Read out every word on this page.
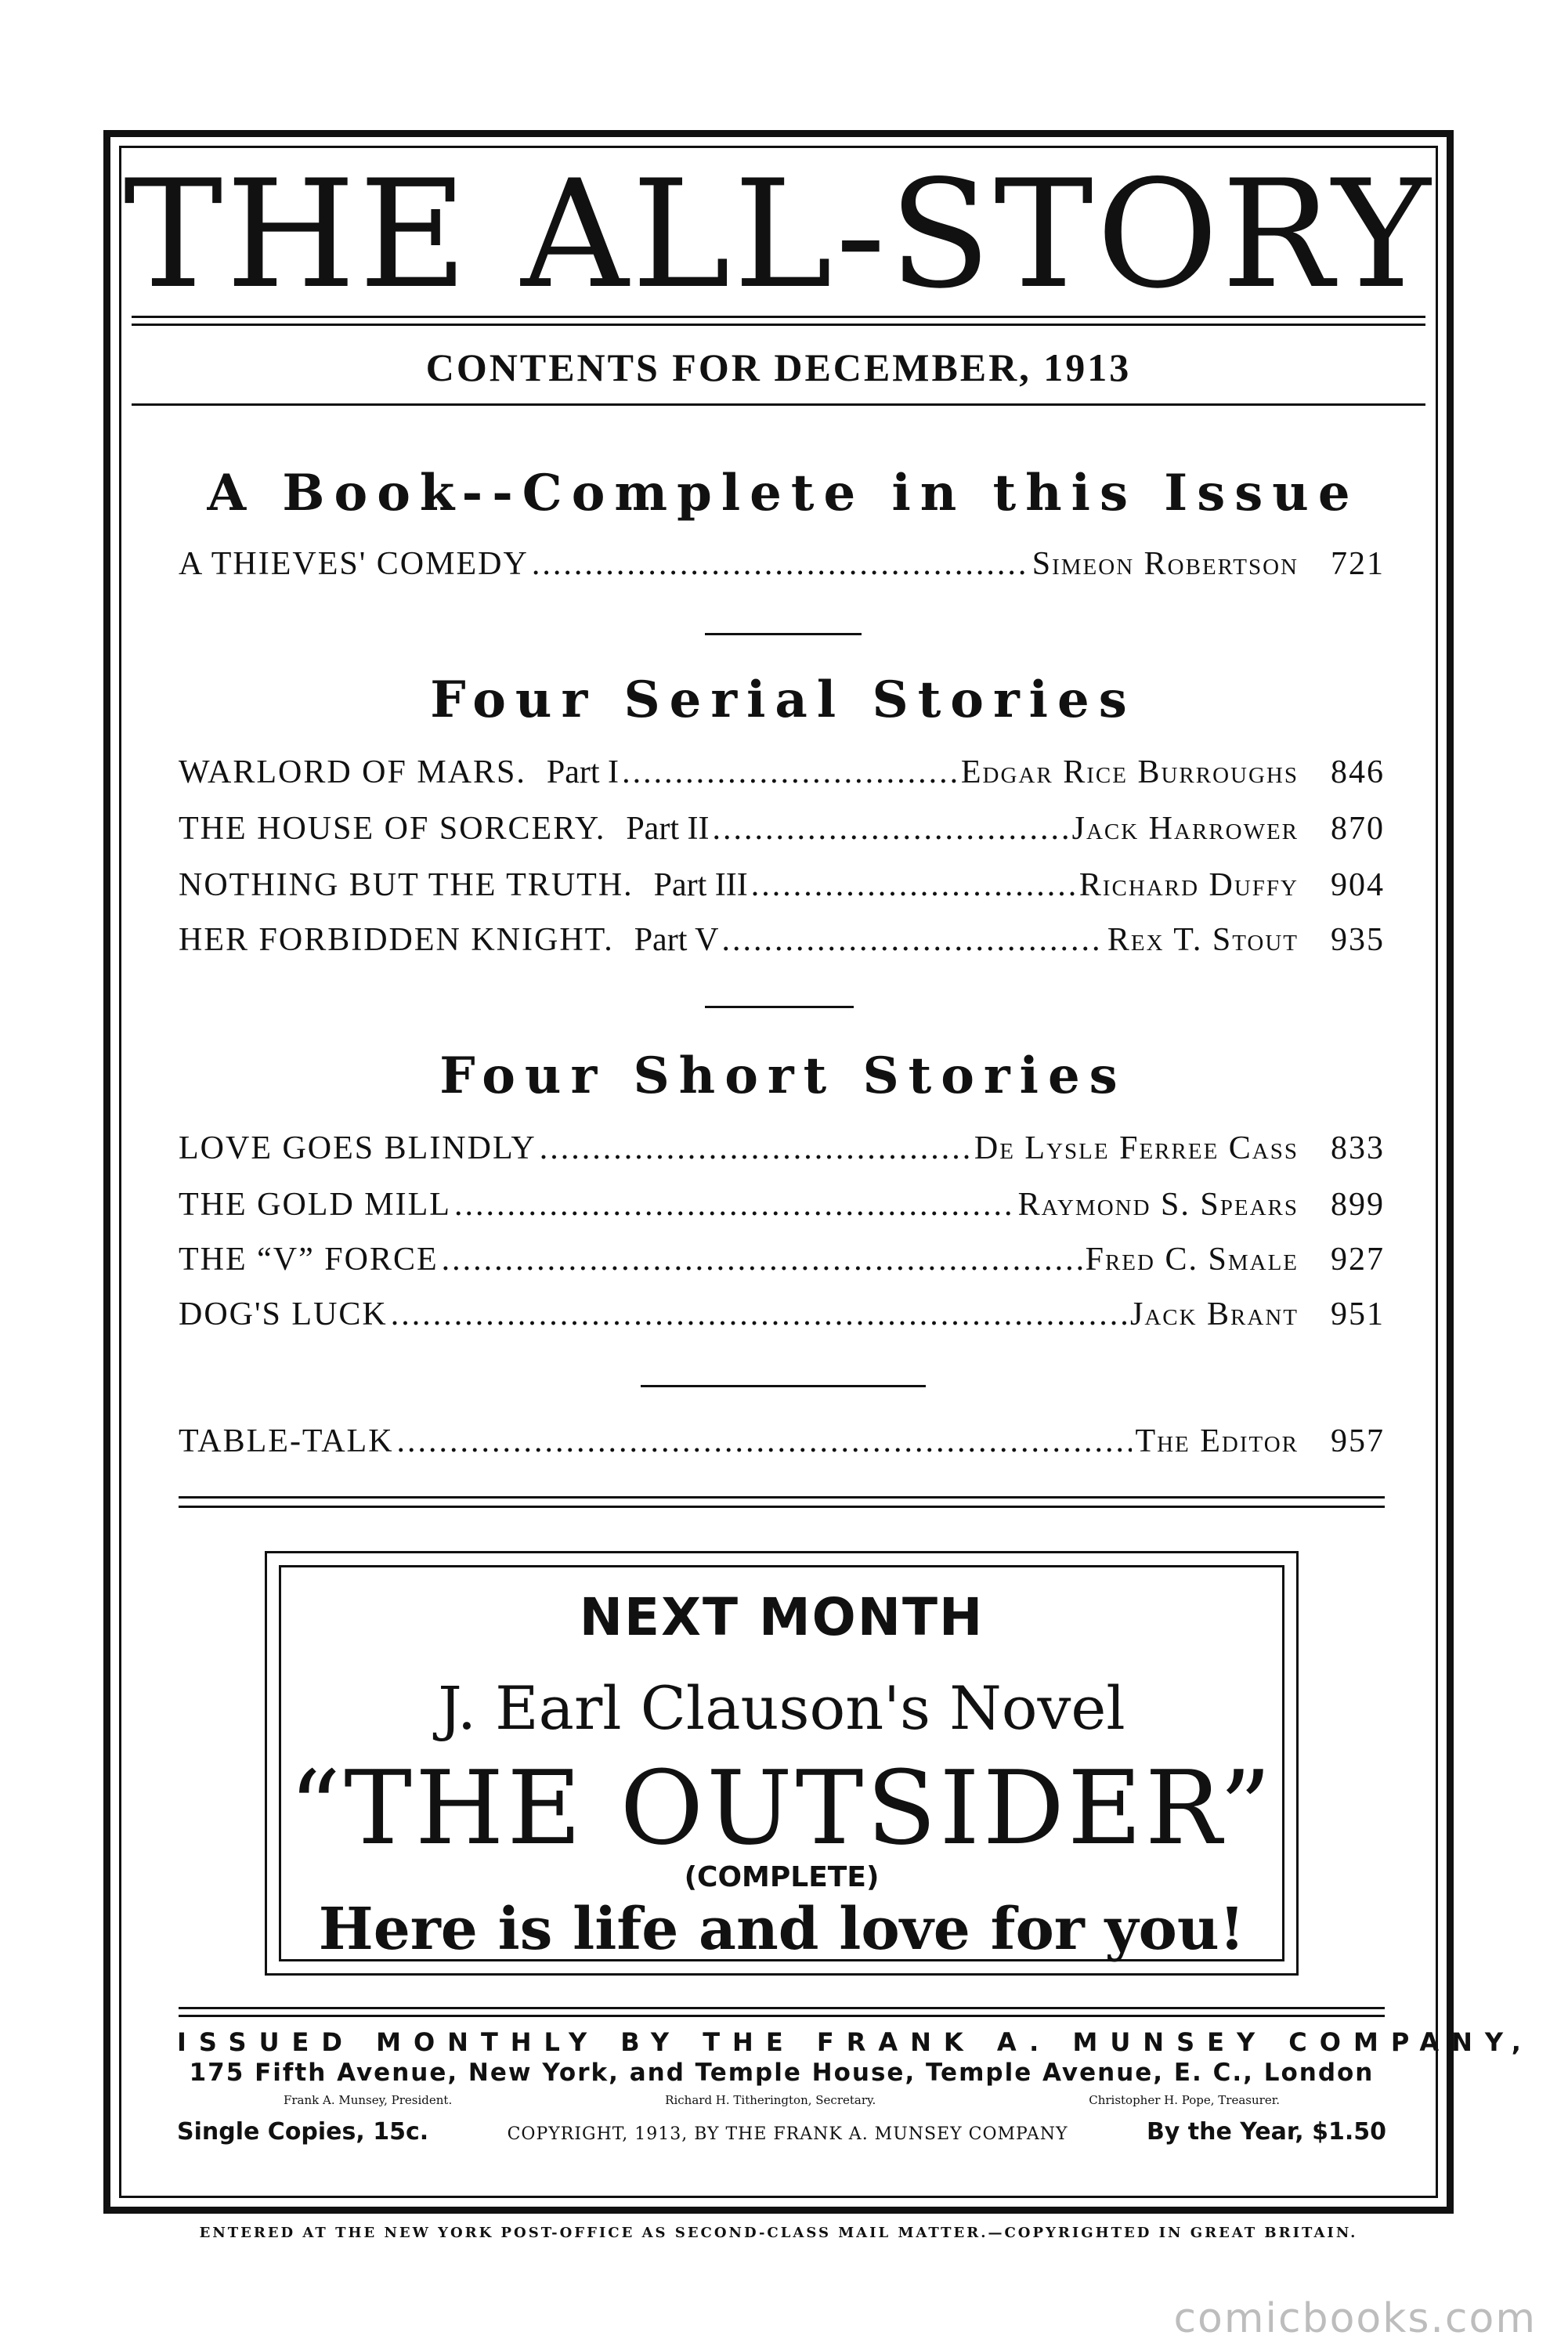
THE ALL-STORY
CONTENTS FOR DECEMBER, 1913
A Book--Complete in this Issue
A THIEVES' COMEDY .....	Simeon Robertson 721
Four Serial Stories
WARLORD OF MARS. Part I .....	Edgar Rice Burroughs 846
THE HOUSE OF SORCERY. Part II .....	Jack Harrower 870
NOTHING BUT THE TRUTH. Part III .....	Richard Duffy 904
HER FORBIDDEN KNIGHT. Part V .....	Rex T. Stout 935
Four Short Stories
LOVE GOES BLINDLY .....	De Lysle Ferree Cass 833
THE GOLD MILL .....	Raymond S. Spears 899
THE “V” FORCE .....	Fred C. Smale 927
DOG'S LUCK .....	Jack Brant 951
TABLE-TALK .....	The Editor 957
NEXT MONTH
J. Earl Clauson's Novel
“THE OUTSIDER”
(COMPLETE)
Here is life and love for you!
ISSUED MONTHLY BY THE FRANK A. MUNSEY COMPANY,
175 Fifth Avenue, New York, and Temple House, Temple Avenue, E. C., London
Frank A. Munsey, President.	Richard H. Titherington, Secretary.	Christopher H. Pope, Treasurer.
Single Copies, 15c.	COPYRIGHT, 1913, BY THE FRANK A. MUNSEY COMPANY	By the Year, $1.50
ENTERED AT THE NEW YORK POST-OFFICE AS SECOND-CLASS MAIL MATTER.—COPYRIGHTED IN GREAT BRITAIN.
comicbooks.com
